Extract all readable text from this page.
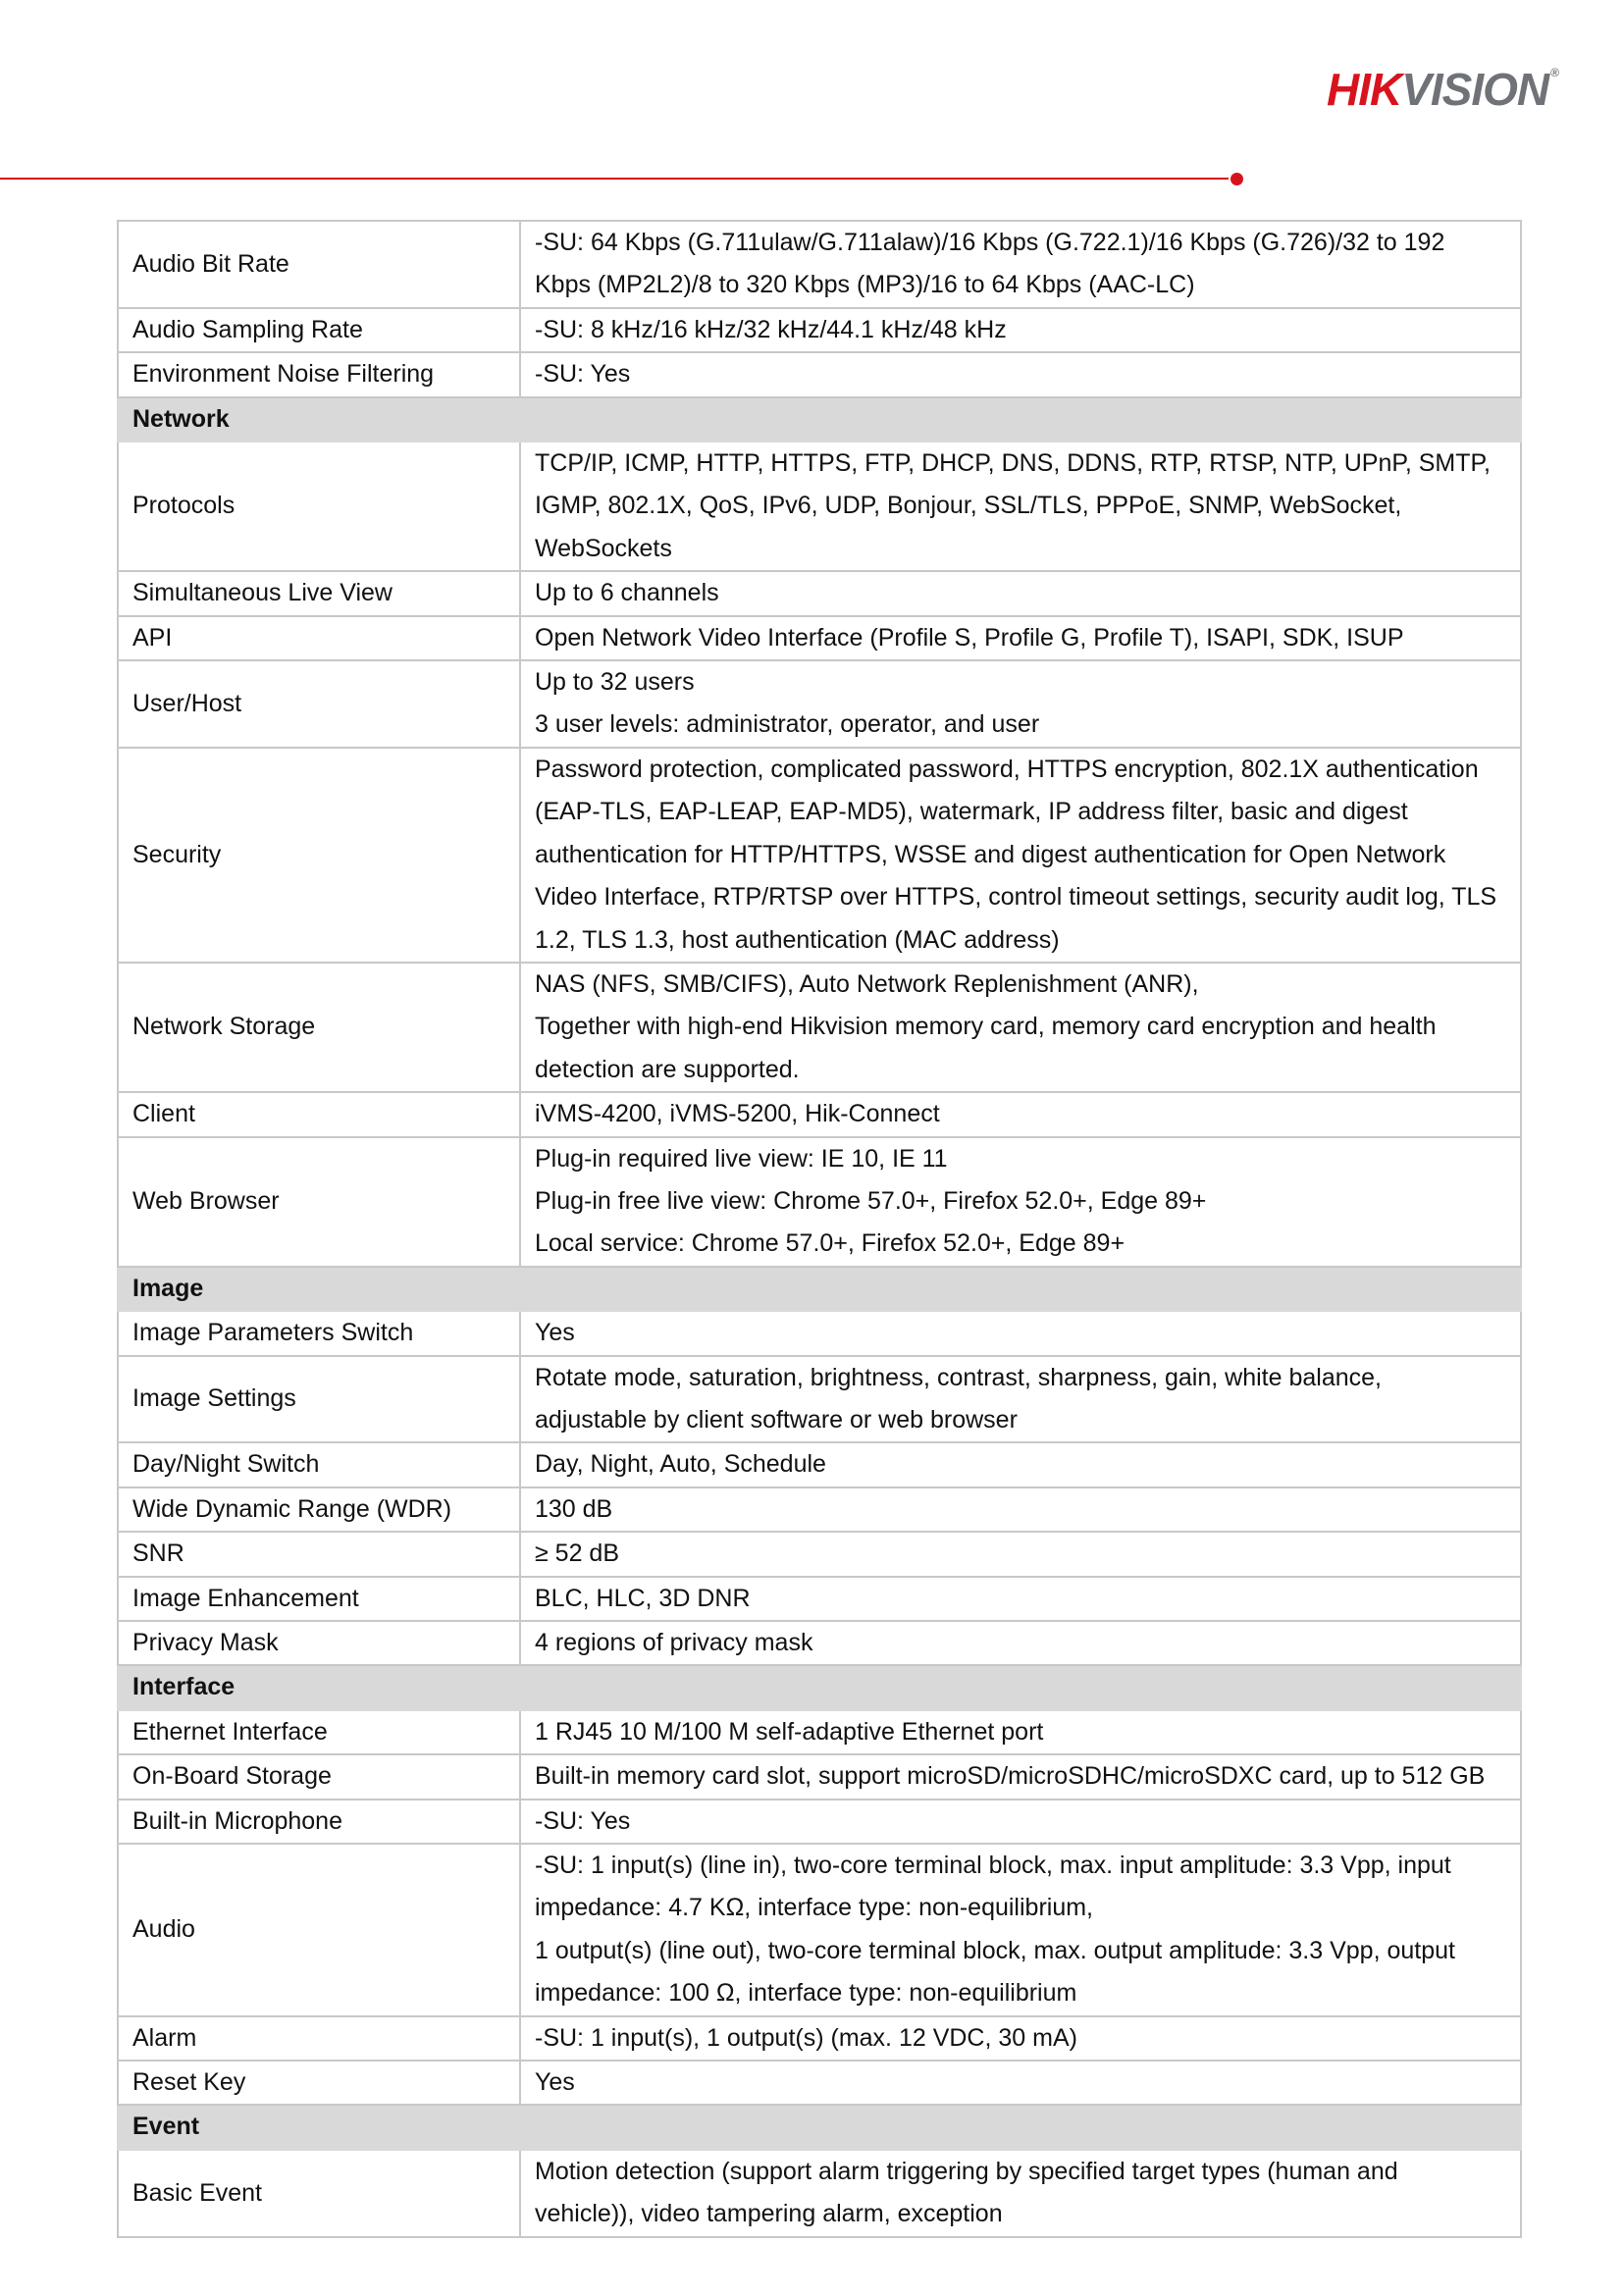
HIKVISION ®
Audio Bit Rate	-SU: 64 Kbps (G.711ulaw/G.711alaw)/16 Kbps (G.722.1)/16 Kbps (G.726)/32 to 192
Kbps (MP2L2)/8 to 320 Kbps (MP3)/16 to 64 Kbps (AAC-LC)

Audio Sampling Rate	-SU: 8 kHz/16 kHz/32 kHz/44.1 kHz/48 kHz

Environment Noise Filtering	-SU: Yes

Network	
Protocols	TCP/IP, ICMP, HTTP, HTTPS, FTP, DHCP, DNS, DDNS, RTP, RTSP, NTP, UPnP, SMTP,
IGMP, 802.1X, QoS, IPv6, UDP, Bonjour, SSL/TLS, PPPoE, SNMP, WebSocket,
WebSockets

Simultaneous Live View	Up to 6 channels

API	Open Network Video Interface (Profile S, Profile G, Profile T), ISAPI, SDK, ISUP

User/Host	Up to 32 users
3 user levels: administrator, operator, and user

Security	Password protection, complicated password, HTTPS encryption, 802.1X authentication
(EAP-TLS, EAP-LEAP, EAP-MD5), watermark, IP address filter, basic and digest
authentication for HTTP/HTTPS, WSSE and digest authentication for Open Network
Video Interface, RTP/RTSP over HTTPS, control timeout settings, security audit log, TLS
1.2, TLS 1.3, host authentication (MAC address)

Network Storage	NAS (NFS, SMB/CIFS), Auto Network Replenishment (ANR),
Together with high-end Hikvision memory card, memory card encryption and health
detection are supported.

Client	iVMS-4200, iVMS-5200, Hik-Connect

Web Browser	Plug-in required live view: IE 10, IE 11
Plug-in free live view: Chrome 57.0+, Firefox 52.0+, Edge 89+
Local service: Chrome 57.0+, Firefox 52.0+, Edge 89+

Image	
Image Parameters Switch	Yes

Image Settings	Rotate mode, saturation, brightness, contrast, sharpness, gain, white balance,
adjustable by client software or web browser

Day/Night Switch	Day, Night, Auto, Schedule

Wide Dynamic Range (WDR)	130 dB

SNR	≥ 52 dB

Image Enhancement	BLC, HLC, 3D DNR

Privacy Mask	4 regions of privacy mask

Interface	
Ethernet Interface	1 RJ45 10 M/100 M self-adaptive Ethernet port

On-Board Storage	Built-in memory card slot, support microSD/microSDHC/microSDXC card, up to 512 GB

Built-in Microphone	-SU: Yes

Audio	-SU: 1 input(s) (line in), two-core terminal block, max. input amplitude: 3.3 Vpp, input
impedance: 4.7 KΩ, interface type: non-equilibrium,
1 output(s) (line out), two-core terminal block, max. output amplitude: 3.3 Vpp, output
impedance: 100 Ω, interface type: non-equilibrium

Alarm	-SU: 1 input(s), 1 output(s) (max. 12 VDC, 30 mA)

Reset Key	Yes

Event	
Basic Event	Motion detection (support alarm triggering by specified target types (human and
vehicle)), video tampering alarm, exception
